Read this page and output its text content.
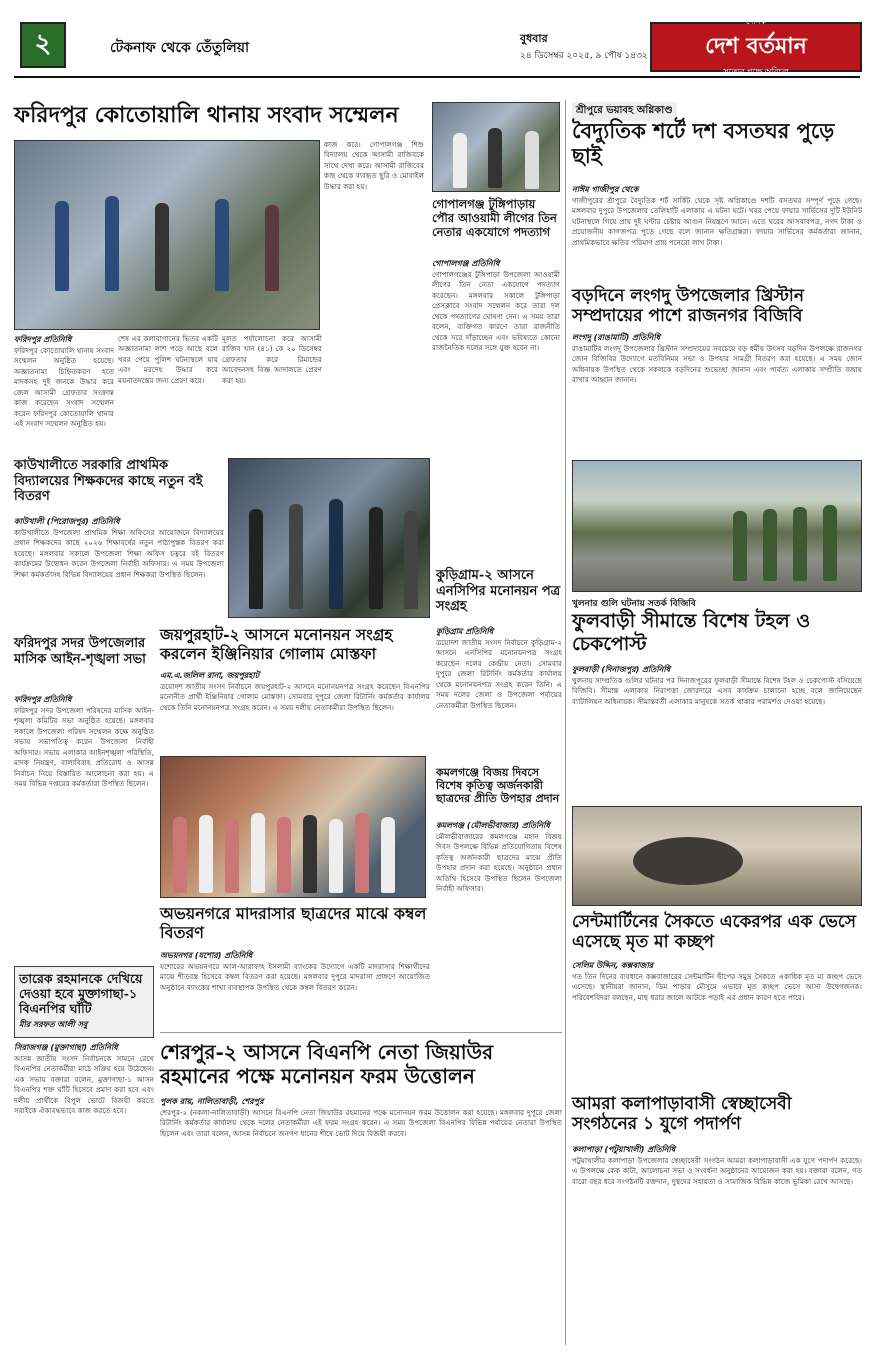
২	টেকনাফ থেকে তেঁতুলিয়া
বুধবার
২৪ ডিসেম্বর ২০২৫, ৯ পৌষ ১৪৩২
দৈনিক
দেশ বর্তমান
সত্যের পক্ষে অবিচল
ফরিদপুর কোতোয়ালি থানায় সংবাদ সম্মেলন
ফরিদপুর প্রতিনিধি
ফরিদপুর কোতোয়ালি থানায় সংবাদ সম্মেলন অনুষ্ঠিত হয়েছে। অজ্ঞাতনামা চিহ্নিতকরণ হতে মাদকসহ দুই জনকে উদ্ধার করে জেল আসামী গ্রেফতার সংক্রান্ত কাজ করেছেন সংবাদ সম্মেলন করেন ফরিদপুর কোতোয়ালি থানার এই সংবাদ সম্মেলন অনুষ্ঠিত হয়।
শেষ এর কলাবাগানের ভিতর একটি অজ্ঞাতনামা লাশ পড়ে আছে বলে খবর পেয়ে পুলিশ ঘটনাস্থলে যায় এবং মরদেহ উদ্ধার করে ময়নাতদন্তের জন্য প্রেরণ করে।
মূলত পর্যালোচনা করে আসামী রাজিব খান (৪১) কে ২০ ডিসেম্বর গ্রেফতার করে রিমান্ডের আবেদনসহ বিজ্ঞ আদালতে প্রেরণ করা হয়।
কাজ করে। গোপালগঞ্জ শিশু বিদ্যালয় থেকে আসামী রাজিবকে সাথে দেখা করে। আসামী রাজিবের কাছ থেকে ব্যবহৃত ছুরি ও মোবাইল উদ্ধার করা হয়।
গোপালগঞ্জ টুঙ্গিপাড়ায় পৌর আওয়ামী লীগের তিন নেতার একযোগে পদত্যাগ
গোপালগঞ্জ প্রতিনিধি
গোপালগঞ্জের টুঙ্গিপাড়া উপজেলা আওয়ামী লীগের তিন নেতা একযোগে পদত্যাগ করেছেন। মঙ্গলবার সকালে টুঙ্গিপাড়া প্রেসক্লাবে সংবাদ সম্মেলন করে তারা দল থেকে পদত্যাগের ঘোষণা দেন। এ সময় তারা বলেন, ব্যক্তিগত কারণে তারা রাজনীতি থেকে সরে দাঁড়াচ্ছেন এবং ভবিষ্যতে কোনো রাজনৈতিক দলের সঙ্গে যুক্ত হবেন না।
শ্রীপুরে ভয়াবহ অগ্নিকাণ্ড
বৈদ্যুতিক শর্টে দশ বসতঘর পুড়ে ছাই
নাঈম গাজীপুর থেকে
গাজীপুরের শ্রীপুরে বৈদ্যুতিক শর্ট সার্কিট থেকে সৃষ্ট অগ্নিকাণ্ডে দশটি বসতঘর সম্পূর্ণ পুড়ে গেছে। মঙ্গলবার দুপুরে উপজেলার তেলিহাটি এলাকায় এ ঘটনা ঘটে। খবর পেয়ে ফায়ার সার্ভিসের দুটি ইউনিট ঘটনাস্থলে গিয়ে প্রায় দুই ঘণ্টার চেষ্টায় আগুন নিয়ন্ত্রণে আনে। এতে ঘরের আসবাবপত্র, নগদ টাকা ও প্রয়োজনীয় কাগজপত্র পুড়ে গেছে বলে জানান ক্ষতিগ্রস্তরা। ফায়ার সার্ভিসের কর্মকর্তারা জানান, প্রাথমিকভাবে ক্ষতির পরিমাণ প্রায় পনেরো লাখ টাকা।
বড়দিনে লংগদু উপজেলার খ্রিস্টান সম্প্রদায়ের পাশে রাজনগর বিজিবি
লংগদু (রাঙামাটি) প্রতিনিধি
রাঙামাটির লংগদু উপজেলার খ্রিস্টান সম্প্রদায়ের সবচেয়ে বড় ধর্মীয় উৎসব বড়দিন উপলক্ষে রাজনগর জোন বিজিবির উদ্যোগে মতবিনিময় সভা ও উপহার সামগ্রী বিতরণ করা হয়েছে। এ সময় জোন অধিনায়ক উপস্থিত থেকে সকলকে বড়দিনের শুভেচ্ছা জানান এবং পার্বত্য এলাকায় সম্প্রীতি বজায় রাখার আহ্বান জানান।
কাউখালীতে সরকারি প্রাথমিক বিদ্যালয়ের শিক্ষকদের কাছে নতুন বই বিতরণ
কাউখালী (পিরোজপুর) প্রতিনিধি
কাউখালীতে উপজেলা প্রাথমিক শিক্ষা অফিসের আয়োজনে বিদ্যালয়ের প্রধান শিক্ষকদের কাছে ২০২৬ শিক্ষাবর্ষের নতুন পাঠ্যপুস্তক বিতরণ করা হয়েছে। মঙ্গলবার সকালে উপজেলা শিক্ষা অফিস চত্বরে বই বিতরণ কার্যক্রমের উদ্বোধন করেন উপজেলা নির্বাহী অফিসার। এ সময় উপজেলা শিক্ষা কর্মকর্তাসহ বিভিন্ন বিদ্যালয়ের প্রধান শিক্ষকরা উপস্থিত ছিলেন।
জয়পুরহাট-২ আসনে মনোনয়ন সংগ্রহ করলেন ইঞ্জিনিয়ার গোলাম মোস্তফা
এম.এ.জলিল রানা, জয়পুরহাট
ত্রয়োদশ জাতীয় সংসদ নির্বাচনে জয়পুরহাট-২ আসনে মনোনয়নপত্র সংগ্রহ করেছেন বিএনপির মনোনীত প্রার্থী ইঞ্জিনিয়ার গোলাম মোস্তফা। সোমবার দুপুরে জেলা রিটার্নিং কর্মকর্তার কার্যালয় থেকে তিনি মনোনয়নপত্র সংগ্রহ করেন। এ সময় দলীয় নেতাকর্মীরা উপস্থিত ছিলেন।
ফরিদপুর সদর উপজেলার মাসিক আইন-শৃঙ্খলা সভা
ফরিদপুর প্রতিনিধি
ফরিদপুর সদর উপজেলা পরিষদের মাসিক আইন-শৃঙ্খলা কমিটির সভা অনুষ্ঠিত হয়েছে। মঙ্গলবার সকালে উপজেলা পরিষদ সম্মেলন কক্ষে অনুষ্ঠিত সভায় সভাপতিত্ব করেন উপজেলা নির্বাহী অফিসার। সভায় এলাকার আইনশৃঙ্খলা পরিস্থিতি, মাদক নিয়ন্ত্রণ, বাল্যবিবাহ প্রতিরোধ ও আসন্ন নির্বাচন নিয়ে বিস্তারিত আলোচনা করা হয়। এ সময় বিভিন্ন দপ্তরের কর্মকর্তারা উপস্থিত ছিলেন।
কুড়িগ্রাম-২ আসনে এনসিপির মনোনয়ন পত্র সংগ্রহ
কুড়িগ্রাম প্রতিনিধি
ত্রয়োদশ জাতীয় সংসদ নির্বাচনে কুড়িগ্রাম-২ আসনে এনসিপির মনোনয়নপত্র সংগ্রহ করেছেন দলের কেন্দ্রীয় নেতা। সোমবার দুপুরে জেলা রিটার্নিং কর্মকর্তার কার্যালয় থেকে মনোনয়নপত্র সংগ্রহ করেন তিনি। এ সময় দলের জেলা ও উপজেলা পর্যায়ের নেতাকর্মীরা উপস্থিত ছিলেন।
কমলগঞ্জে বিজয় দিবসে বিশেষ কৃতিত্ব অর্জনকারী ছাত্রদের প্রীতি উপহার প্রদান
কমলগঞ্জ (মৌলভীবাজার) প্রতিনিধি
মৌলভীবাজারের কমলগঞ্জে মহান বিজয় দিবস উপলক্ষে বিভিন্ন প্রতিযোগিতায় বিশেষ কৃতিত্ব অর্জনকারী ছাত্রদের মাঝে প্রীতি উপহার প্রদান করা হয়েছে। অনুষ্ঠানে প্রধান অতিথি হিসেবে উপস্থিত ছিলেন উপজেলা নির্বাহী অফিসার।
অভয়নগরে মাদরাসার ছাত্রদের মাঝে কম্বল বিতরণ
অভয়নগর (যশোর) প্রতিনিধি
যশোরের অভয়নগরে আল-আরাফাহ ইসলামী ব্যাংকের উদ্যোগে একটি মাদরাসার শিক্ষার্থীদের মাঝে শীতবস্ত্র হিসেবে কম্বল বিতরণ করা হয়েছে। মঙ্গলবার দুপুরে মাদরাসা প্রাঙ্গণে আয়োজিত অনুষ্ঠানে ব্যাংকের শাখা ব্যবস্থাপক উপস্থিত থেকে কম্বল বিতরণ করেন।
খুলনার গুলি ঘটনায় সতর্ক বিজিবি
ফুলবাড়ী সীমান্তে বিশেষ টহল ও চেকপোস্ট
ফুলবাড়ী (দিনাজপুর) প্রতিনিধি
খুলনায় সাম্প্রতিক গুলির ঘটনার পর দিনাজপুরের ফুলবাড়ী সীমান্তে বিশেষ টহল ও চেকপোস্ট বসিয়েছে বিজিবি। সীমান্ত এলাকায় নিরাপত্তা জোরদারে এসব কার্যক্রম চালানো হচ্ছে বলে জানিয়েছেন ব্যাটালিয়ন অধিনায়ক। সীমান্তবর্তী এলাকার মানুষকে সতর্ক থাকার পরামর্শও দেওয়া হয়েছে।
সেন্টমার্টিনের সৈকতে একেরপর এক ভেসে এসেছে মৃত মা কচ্ছপ
সেলিম উদ্দিন, কক্সবাজার
গত তিন দিনের ব্যবধানে কক্সবাজারের সেন্টমার্টিন দ্বীপের সমুদ্র সৈকতে একাধিক মৃত মা কচ্ছপ ভেসে এসেছে। স্থানীয়রা জানান, ডিম পাড়ার মৌসুমে এভাবে মৃত কচ্ছপ ভেসে আসা উদ্বেগজনক। পরিবেশবিদরা বলছেন, মাছ ধরার জালে আটকে পড়াই এর প্রধান কারণ হতে পারে।
তারেক রহমানকে দেখিয়ে দেওয়া হবে মুক্তাগাছা-১ বিএনপির ঘাঁটি
মীর সরফত আলী সবু
সিরাজগঞ্জ (মুক্তাগাছা) প্রতিনিধি
আসন্ন জাতীয় সংসদ নির্বাচনকে সামনে রেখে বিএনপির নেতাকর্মীরা মাঠে সক্রিয় হয়ে উঠেছেন। এক সভায় বক্তারা বলেন, মুক্তাগাছা-১ আসন বিএনপির শক্ত ঘাঁটি হিসেবে প্রমাণ করা হবে এবং দলীয় প্রার্থীকে বিপুল ভোটে বিজয়ী করতে সবাইকে ঐক্যবদ্ধভাবে কাজ করতে হবে।
শেরপুর-২ আসনে বিএনপি নেতা জিয়াউর রহমানের পক্ষে মনোনয়ন ফরম উত্তোলন
পুলক রায়, নালিতাবাড়ী, শেরপুর
শেরপুর-২ (নকলা-নালিতাবাড়ী) আসনে বিএনপি নেতা জিয়াউর রহমানের পক্ষে মনোনয়ন ফরম উত্তোলন করা হয়েছে। মঙ্গলবার দুপুরে জেলা রিটার্নিং কর্মকর্তার কার্যালয় থেকে দলের নেতাকর্মীরা এই ফরম সংগ্রহ করেন। এ সময় উপজেলা বিএনপির বিভিন্ন পর্যায়ের নেতারা উপস্থিত ছিলেন এবং তারা বলেন, আসন্ন নির্বাচনে জনগণ ধানের শীষে ভোট দিয়ে বিজয়ী করবে।
আমরা কলাপাড়াবাসী স্বেচ্ছাসেবী সংগঠনের ১ যুগে পদার্পণ
কলাপাড়া (পটুয়াখালী) প্রতিনিধি
পটুয়াখালীর কলাপাড়া উপজেলার স্বেচ্ছাসেবী সংগঠন আমরা কলাপাড়াবাসী এক যুগে পদার্পণ করেছে। এ উপলক্ষে কেক কাটা, আলোচনা সভা ও সংবর্ধনা অনুষ্ঠানের আয়োজন করা হয়। বক্তারা বলেন, গত বারো বছর ধরে সংগঠনটি রক্তদান, দুস্থদের সহায়তা ও সামাজিক বিভিন্ন কাজে ভূমিকা রেখে আসছে।
